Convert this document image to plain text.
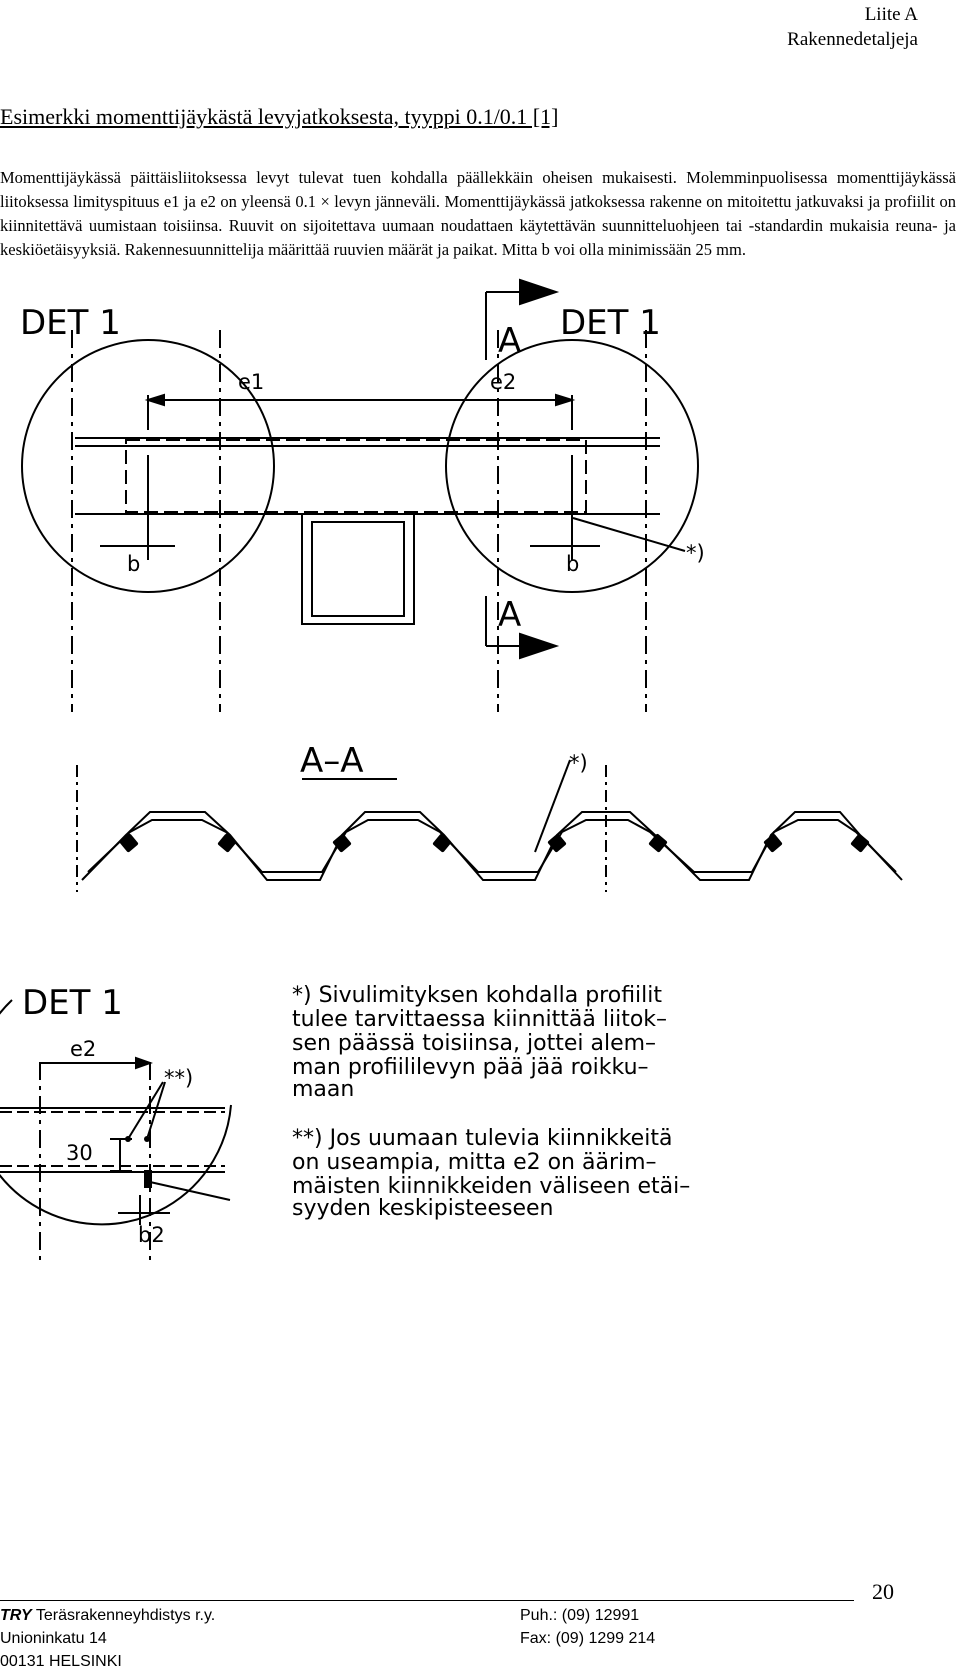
Liite A
Rakennedetaljeja
Esimerkki momenttijäykästä levyjatkoksesta, tyyppi 0.1/0.1 [1]

Momenttijäykässä päittäisliitoksessa levyt tulevat tuen kohdalla päällekkäin oheisen mukaisesti. Molemminpuolisessa momenttijäykässä liitoksessa limityspituus e1 ja e2 on yleensä 0.1 × levyn jänneväli. Momenttijäykässä jatkoksessa rakenne on mitoitettu jatkuvaksi ja profiilit on kiinnitettävä uumistaan toisiinsa. Ruuvit on sijoitettava uumaan noudattaen käytettävän suunnitteluohjeen tai -standardin mukaisia reuna- ja keskiöetäisyyksiä. Rakennesuunnittelija määrittää ruuvien määrät ja paikat. Mitta b voi olla minimissään 25 mm.

DET 1	DET 1
A
A
e1	e2
b	b	*)
A–A	*)
DET 1
e2
**)
30
b2
*) Sivulimityksen kohdalla profiilit
tulee tarvittaessa kiinnittää liitok–
sen päässä toisiinsa, jottei alem–
man profiililevyn pää jää roikku–
maan
**) Jos uumaan tulevia kiinnikkeitä
on useampia, mitta e2 on äärim–
mäisten kiinnikkeiden väliseen etäi–
syyden keskipisteeseen
20
TRY Teräsrakenneyhdistys r.y.
Unioninkatu 14
00131 HELSINKI
Puh.: (09) 12991
Fax: (09) 1299 214
